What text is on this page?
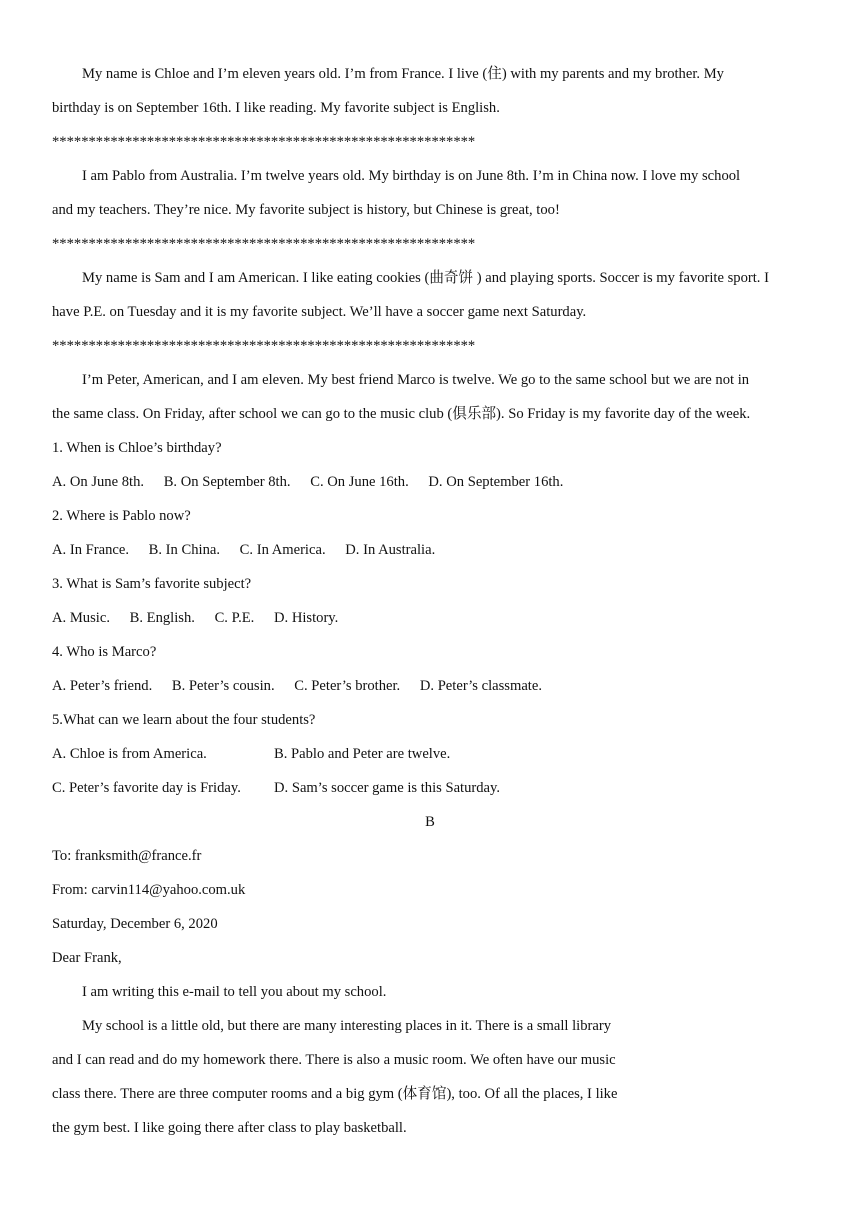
My name is Chloe and I’m eleven years old. I’m from France. I live (住) with my parents and my brother. My
birthday is on September 16th. I like reading. My favorite subject is English.
**********************************************************
I am Pablo from Australia. I’m twelve years old. My birthday is on June 8th. I’m in China now. I love my school
and my teachers. They’re nice. My favorite subject is history, but Chinese is great, too!
**********************************************************
My name is Sam and I am American. I like eating cookies (曲奇饼 ) and playing sports. Soccer is my favorite sport. I
have P.E. on Tuesday and it is my favorite subject. We’ll have a soccer game next Saturday.
**********************************************************
I’m Peter, American, and I am eleven. My best friend Marco is twelve. We go to the same school but we are not in
the same class. On Friday, after school we can go to the music club (俱乐部). So Friday is my favorite day of the week.
1. When is Chloe’s birthday?
A. On June 8th. B. On September 8th. C. On June 16th. D. On September 16th.
2. Where is Pablo now?
A. In France. B. In China. C. In America. D. In Australia.
3. What is Sam’s favorite subject?
A. Music. B. English. C. P.E. D. History.
4. Who is Marco?
A. Peter’s friend. B. Peter’s cousin. C. Peter’s brother. D. Peter’s classmate.
5.What can we learn about the four students?
A. Chloe is from America.	B. Pablo and Peter are twelve.
C. Peter’s favorite day is Friday.	D. Sam’s soccer game is this Saturday.
B
To: franksmith@france.fr
From: carvin114@yahoo.com.uk
Saturday, December 6, 2020
Dear Frank,
I am writing this e-mail to tell you about my school.
My school is a little old, but there are many interesting places in it. There is a small library
and I can read and do my homework there. There is also a music room. We often have our music
class there. There are three computer rooms and a big gym (体育馆), too. Of all the places, I like
the gym best. I like going there after class to play basketball.
